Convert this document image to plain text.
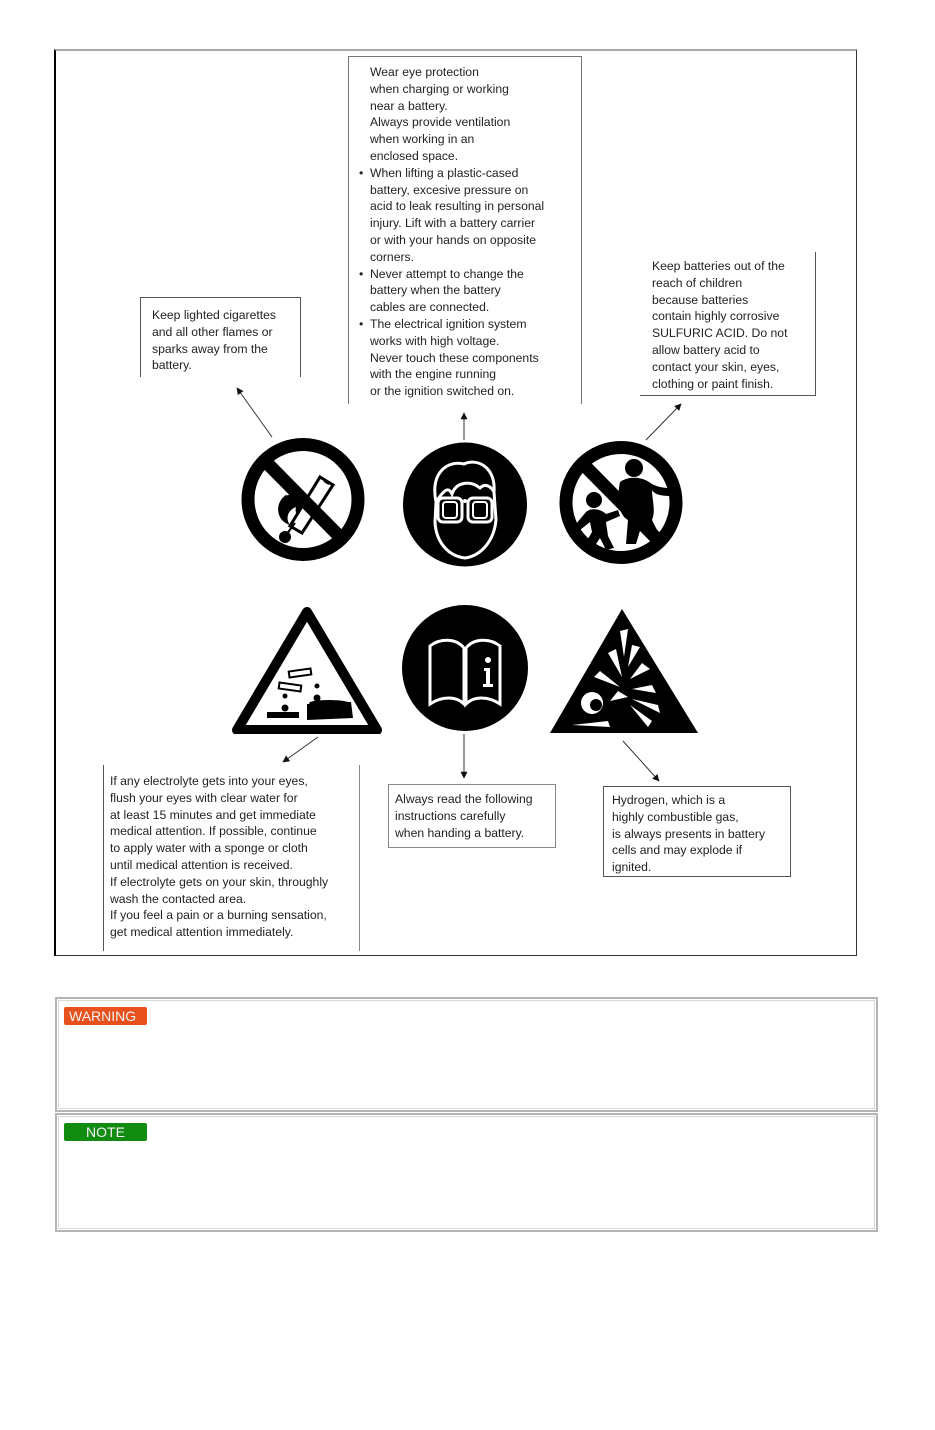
Wear eye protection
when charging or working
near a battery.
Always provide ventilation
when working in an
enclosed space.
• When lifting a plastic-cased
battery, excesive pressure on
acid to leak resulting in personal
injury. Lift with a battery carrier
or with your hands on opposite
corners.
• Never attempt to change the
battery when the battery
cables are connected.
• The electrical ignition system
works with high voltage.
Never touch these components
with the engine running
or the ignition switched on.
Keep lighted cigarettes
and all other flames or
sparks away from the
battery.
Keep batteries out of the
reach of children
because batteries
contain highly corrosive
SULFURIC ACID. Do not
allow battery acid to
contact your skin, eyes,
clothing or paint finish.
If any electrolyte gets into your eyes,
flush your eyes with clear water for
at least 15 minutes and get immediate
medical attention. If possible, continue
to apply water with a sponge or cloth
until medical attention is received.
If electrolyte gets on your skin, throughly
wash the contacted area.
If you feel a pain or a burning sensation,
get medical attention immediately.
Always read the following
instructions carefully
when handing a battery.
Hydrogen, which is a
highly combustible gas,
is always presents in battery
cells and may explode if
ignited.
WARNING
NOTE
